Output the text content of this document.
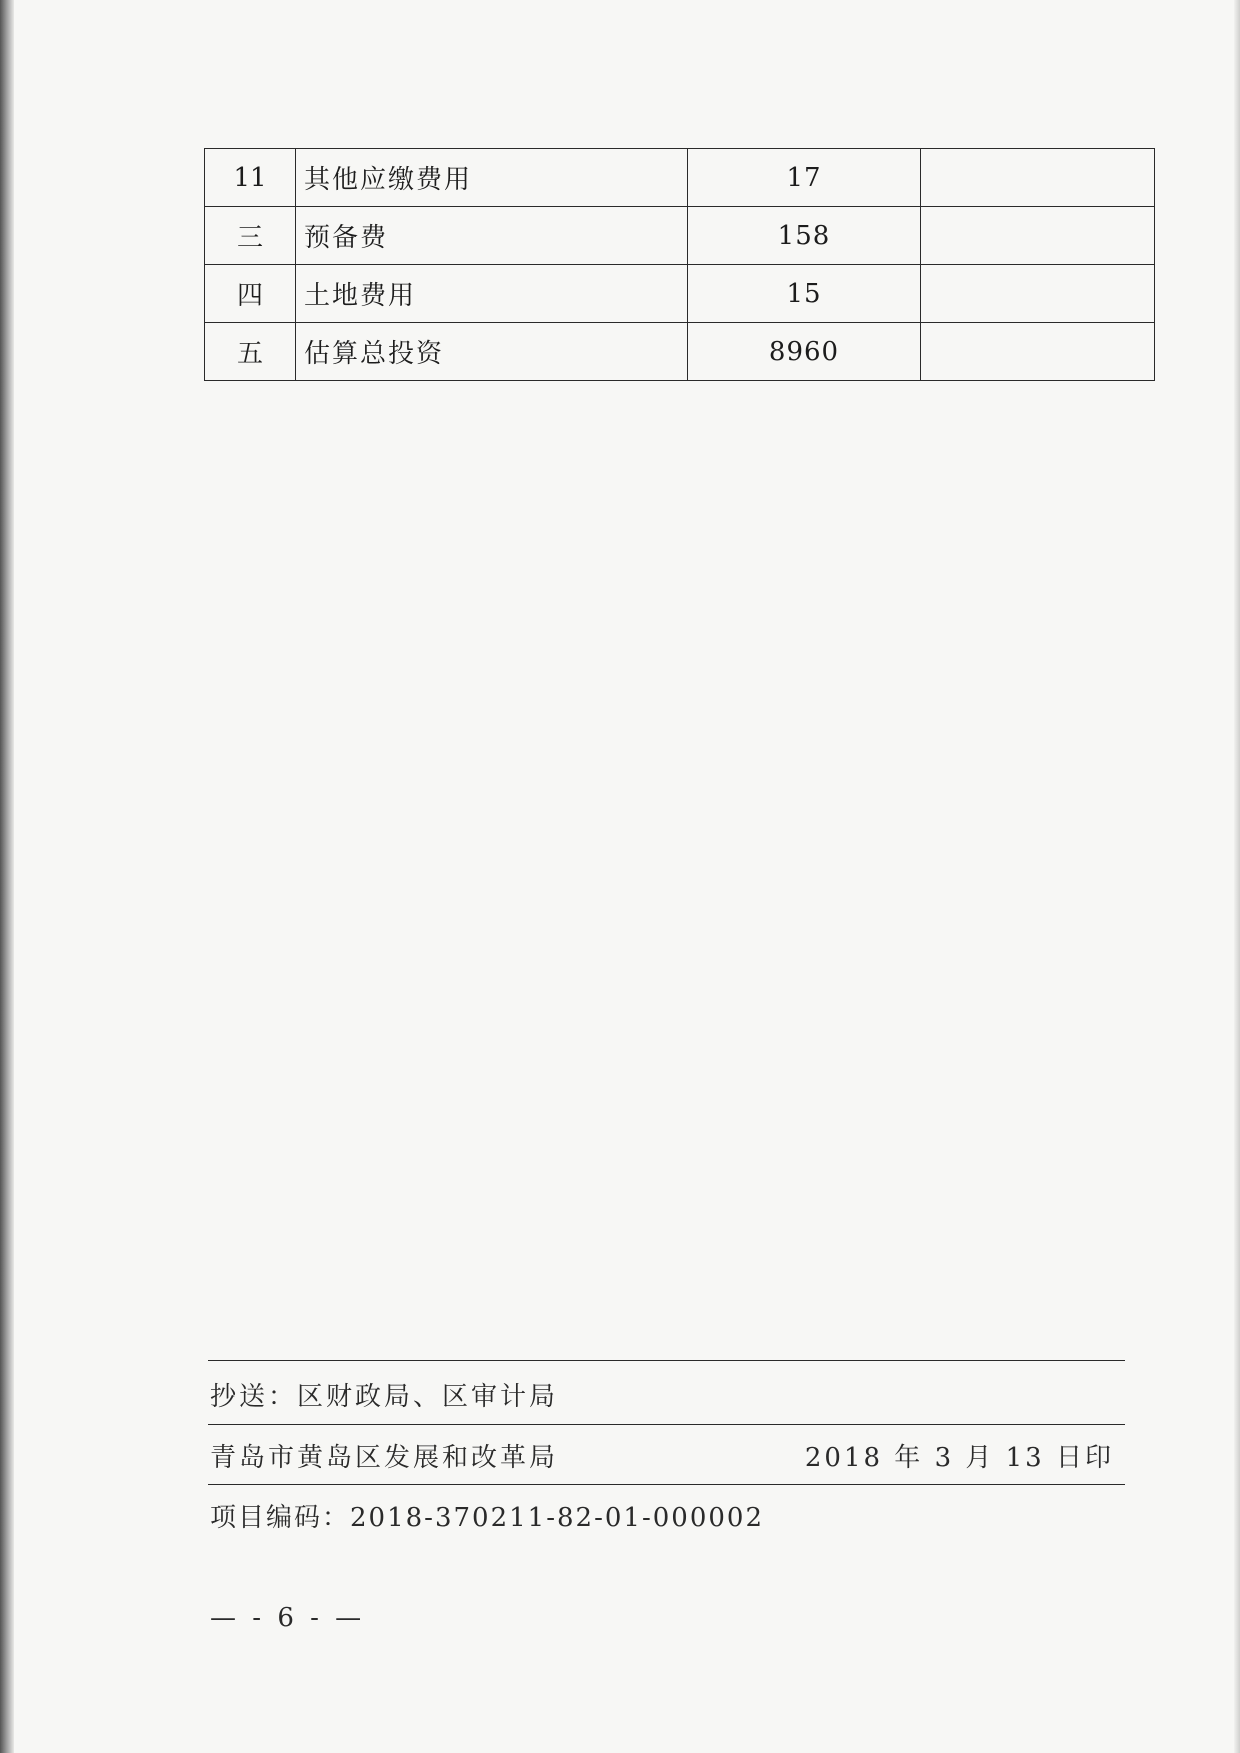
11	其他应缴费用	17	
三	预备费	158	
四	土地费用	15	
五	估算总投资	8960	
抄送：区财政局、区审计局
青岛市黄岛区发展和改革局	2018 年 3 月 13 日印
项目编码：2018-370211-82-01-000002
— - 6 - —
